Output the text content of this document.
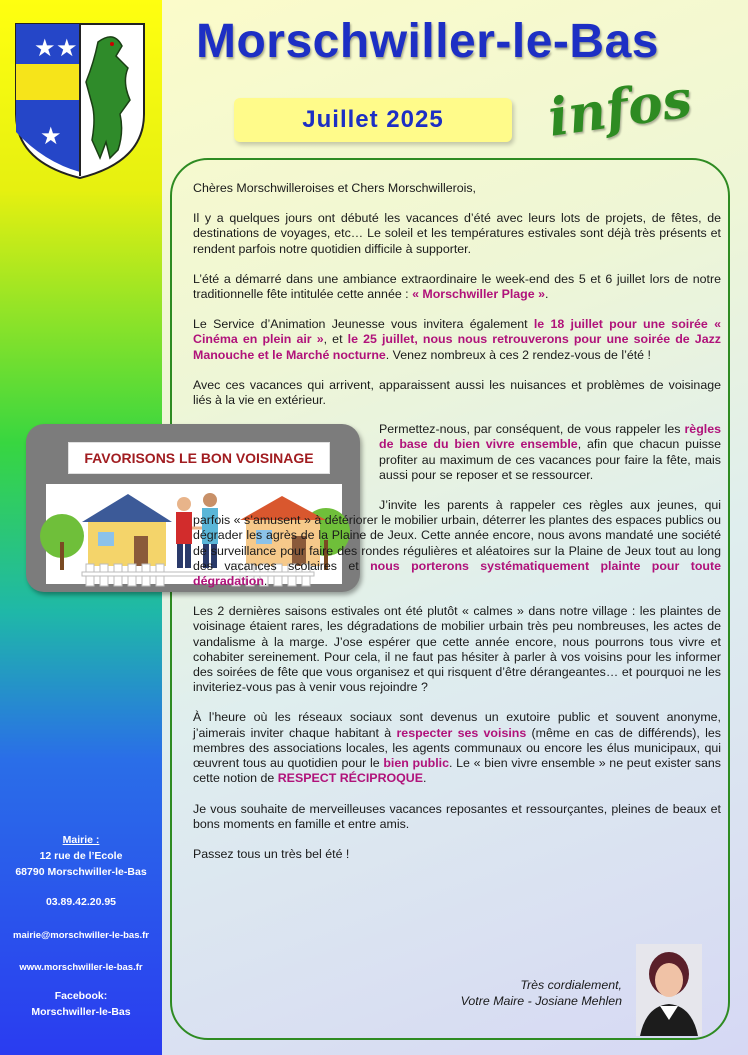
★ ★
★
Mairie :
12 rue de l’Ecole
68790 Morschwiller-le-Bas
03.89.42.20.95
mairie@morschwiller-le-bas.fr
www.morschwiller-le-bas.fr
Facebook:
Morschwiller-le-Bas
Morschwiller-le-Bas
Juillet 2025	infos
FAVORISONS LE BON VOISINAGE

Chères Morschwilleroises et Chers Morschwillerois,

Il y a quelques jours ont débuté les vacances d’été avec leurs lots de projets, de fêtes, de destinations de voyages, etc… Le soleil et les températures estivales sont déjà très présents et rendent parfois notre quotidien difficile à supporter.

L’été a démarré dans une ambiance extraordinaire le week-end des 5 et 6 juillet lors de notre traditionnelle fête intitulée cette année : « Morschwiller Plage ».

Le Service d’Animation Jeunesse vous invitera également le 18 juillet pour une soirée « Cinéma en plein air », et le 25 juillet, nous nous retrouverons pour une soirée de Jazz Manouche et le Marché nocturne. Venez nombreux à ces 2 rendez-vous de l’été !

Avec ces vacances qui arrivent, apparaissent aussi les nuisances et problèmes de voisinage liés à la vie en extérieur.

Permettez-nous, par conséquent, de vous rappeler les règles de base du bien vivre ensemble, afin que chacun puisse profiter au maximum de ces vacances pour faire la fête, mais aussi pour se reposer et se ressourcer.

J’invite les parents à rappeler ces règles aux jeunes, qui parfois « s’amusent » à détériorer le mobilier urbain, déterrer les plantes des espaces publics ou dégrader les agrès de la Plaine de Jeux. Cette année encore, nous avons mandaté une société de surveillance pour faire des rondes régulières et aléatoires sur la Plaine de Jeux tout au long des vacances scolaires et nous porterons systématiquement plainte pour toute dégradation.

Les 2 dernières saisons estivales ont été plutôt « calmes » dans notre village : les plaintes de voisinage étaient rares, les dégradations de mobilier urbain très peu nombreuses, les actes de vandalisme à la marge. J’ose espérer que cette année encore, nous pourrons tous vivre et cohabiter sereinement. Pour cela, il ne faut pas hésiter à parler à vos voisins pour les informer des soirées de fête que vous organisez et qui risquent d’être dérangeantes… et pourquoi ne les inviteriez-vous pas à venir vous rejoindre ?

À l’heure où les réseaux sociaux sont devenus un exutoire public et souvent anonyme, j’aimerais inviter chaque habitant à respecter ses voisins (même en cas de différends), les membres des associations locales, les agents communaux ou encore les élus municipaux, qui œuvrent tous au quotidien pour le bien public. Le « bien vivre ensemble » ne peut exister sans cette notion de RESPECT RÉCIPROQUE.

Je vous souhaite de merveilleuses vacances reposantes et ressourçantes, pleines de beaux et bons moments en famille et entre amis.

Passez tous un très bel été !

Très cordialement,
Votre Maire - Josiane Mehlen
